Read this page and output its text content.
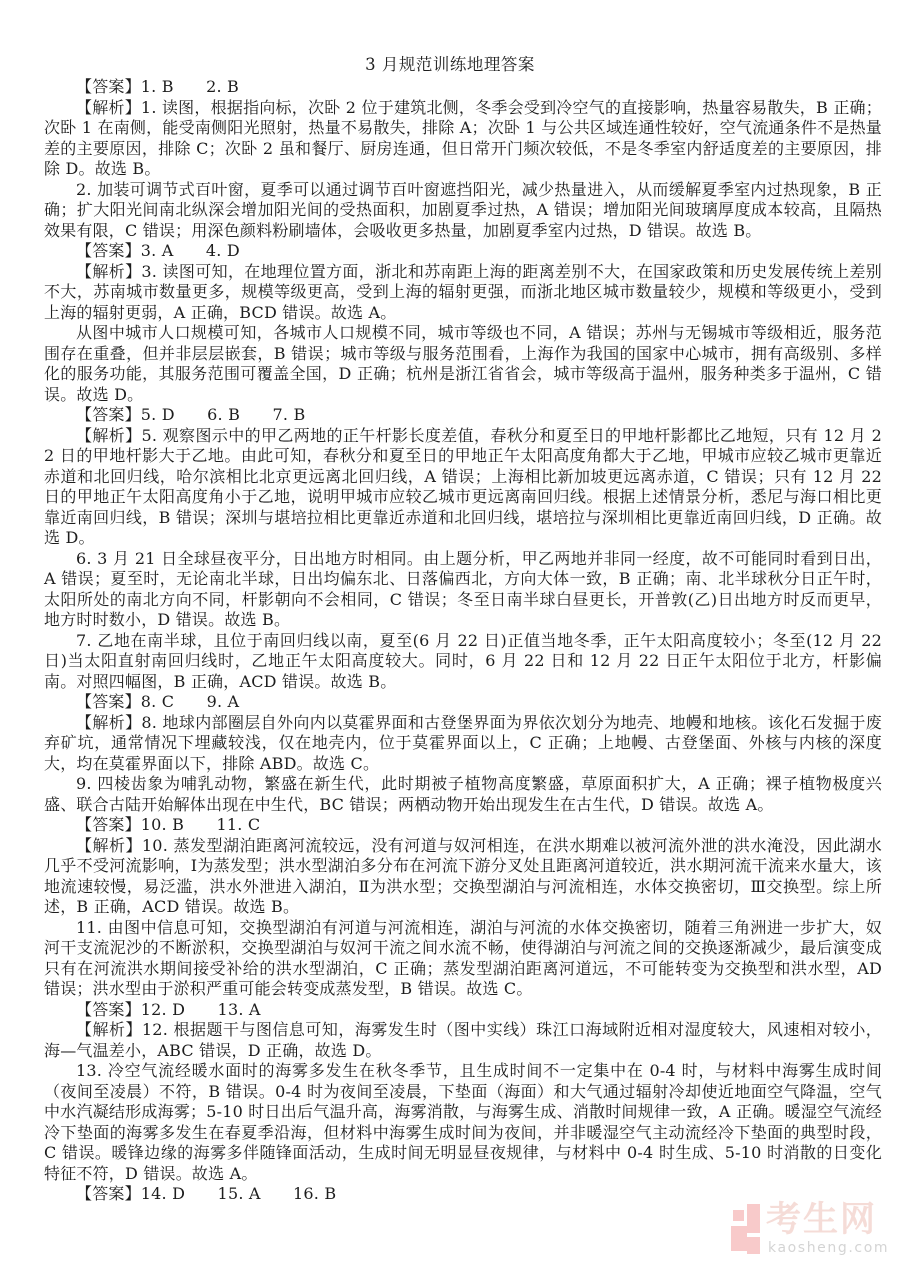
3 月规范训练地理答案

【答案】1. B　　2. B

【解析】1. 读图，根据指向标，次卧 2 位于建筑北侧，冬季会受到冷空气的直接影响，热量容易散失，B 正确；次卧 1 在南侧，能受南侧阳光照射，热量不易散失，排除 A；次卧 1 与公共区域连通性较好，空气流通条件不是热量差的主要原因，排除 C；次卧 2 虽和餐厅、厨房连通，但日常开门频次较低，不是冬季室内舒适度差的主要原因，排除 D。故选 B。

2. 加装可调节式百叶窗，夏季可以通过调节百叶窗遮挡阳光，减少热量进入，从而缓解夏季室内过热现象，B 正确；扩大阳光间南北纵深会增加阳光间的受热面积，加剧夏季过热，A 错误；增加阳光间玻璃厚度成本较高，且隔热效果有限，C 错误；用深色颜料粉刷墙体，会吸收更多热量，加剧夏季室内过热，D 错误。故选 B。

【答案】3. A　　4. D

【解析】3. 读图可知，在地理位置方面，浙北和苏南距上海的距离差别不大，在国家政策和历史发展传统上差别不大，苏南城市数量更多，规模等级更高，受到上海的辐射更强，而浙北地区城市数量较少，规模和等级更小，受到上海的辐射更弱，A 正确，BCD 错误。故选 A。

从图中城市人口规模可知，各城市人口规模不同，城市等级也不同，A 错误；苏州与无锡城市等级相近，服务范围存在重叠，但并非层层嵌套，B 错误；城市等级与服务范围看，上海作为我国的国家中心城市，拥有高级别、多样化的服务功能，其服务范围可覆盖全国，D 正确；杭州是浙江省省会，城市等级高于温州，服务种类多于温州，C 错误。故选 D。

【答案】5. D　　6. B　　7. B

【解析】5. 观察图示中的甲乙两地的正午杆影长度差值，春秋分和夏至日的甲地杆影都比乙地短，只有 12 月 22 日的甲地杆影大于乙地。由此可知，春秋分和夏至日的甲地正午太阳高度角都大于乙地，甲城市应较乙城市更靠近赤道和北回归线，哈尔滨相比北京更远离北回归线，A 错误；上海相比新加坡更远离赤道，C 错误；只有 12 月 22 日的甲地正午太阳高度角小于乙地，说明甲城市应较乙城市更远离南回归线。根据上述情景分析，悉尼与海口相比更靠近南回归线，B 错误；深圳与堪培拉相比更靠近赤道和北回归线，堪培拉与深圳相比更靠近南回归线，D 正确。故选 D。

6. 3 月 21 日全球昼夜平分，日出地方时相同。由上题分析，甲乙两地并非同一经度，故不可能同时看到日出，A 错误；夏至时，无论南北半球，日出均偏东北、日落偏西北，方向大体一致，B 正确；南、北半球秋分日正午时，太阳所处的南北方向不同，杆影朝向不会相同，C 错误；冬至日南半球白昼更长，开普敦(乙)日出地方时反而更早，地方时时数小，D 错误。故选 B。

7. 乙地在南半球，且位于南回归线以南，夏至(6 月 22 日)正值当地冬季，正午太阳高度较小；冬至(12 月 22 日)当太阳直射南回归线时，乙地正午太阳高度较大。同时，6 月 22 日和 12 月 22 日正午太阳位于北方，杆影偏南。对照四幅图，B 正确，ACD 错误。故选 B。

【答案】8. C　　9. A

【解析】8. 地球内部圈层自外向内以莫霍界面和古登堡界面为界依次划分为地壳、地幔和地核。该化石发掘于废弃矿坑，通常情况下埋藏较浅，仅在地壳内，位于莫霍界面以上，C 正确；上地幔、古登堡面、外核与内核的深度大，均在莫霍界面以下，排除 ABD。故选 C。

9. 四棱齿象为哺乳动物，繁盛在新生代，此时期被子植物高度繁盛，草原面积扩大，A 正确；裸子植物极度兴盛、联合古陆开始解体出现在中生代，BC 错误；两栖动物开始出现发生在古生代，D 错误。故选 A。

【答案】10. B　　11. C

【解析】10. 蒸发型湖泊距离河流较远，没有河道与奴河相连，在洪水期难以被河流外泄的洪水淹没，因此湖水几乎不受河流影响，Ⅰ为蒸发型；洪水型湖泊多分布在河流下游分叉处且距离河道较近，洪水期河流干流来水量大，该地流速较慢，易泛滥，洪水外泄进入湖泊，Ⅱ为洪水型；交换型湖泊与河流相连，水体交换密切，Ⅲ交换型。综上所述，B 正确，ACD 错误。故选 B。

11. 由图中信息可知，交换型湖泊有河道与河流相连，湖泊与河流的水体交换密切，随着三角洲进一步扩大，奴河干支流泥沙的不断淤积，交换型湖泊与奴河干流之间水流不畅，使得湖泊与河流之间的交换逐渐减少，最后演变成只有在河流洪水期间接受补给的洪水型湖泊，C 正确；蒸发型湖泊距离河道远，不可能转变为交换型和洪水型，AD 错误；洪水型由于淤积严重可能会转变成蒸发型，B 错误。故选 C。

【答案】12. D　　13. A

【解析】12. 根据题干与图信息可知，海雾发生时（图中实线）珠江口海域附近相对湿度较大，风速相对较小，海—气温差小，ABC 错误，D 正确，故选 D。

13. 冷空气流经暖水面时的海雾多发生在秋冬季节，且生成时间不一定集中在 0-4 时，与材料中海雾生成时间（夜间至凌晨）不符，B 错误。0-4 时为夜间至凌晨，下垫面（海面）和大气通过辐射冷却使近地面空气降温，空气中水汽凝结形成海雾；5-10 时日出后气温升高，海雾消散，与海雾生成、消散时间规律一致，A 正确。暖湿空气流经冷下垫面的海雾多发生在春夏季沿海，但材料中海雾生成时间为夜间，并非暖湿空气主动流经冷下垫面的典型时段，C 错误。暖锋边缘的海雾多伴随锋面活动，生成时间无明显昼夜规律，与材料中 0-4 时生成、5-10 时消散的日变化特征不符，D 错误。故选 A。

【答案】14. D　　15. A　　16. B

考生网
kaosheng.com
